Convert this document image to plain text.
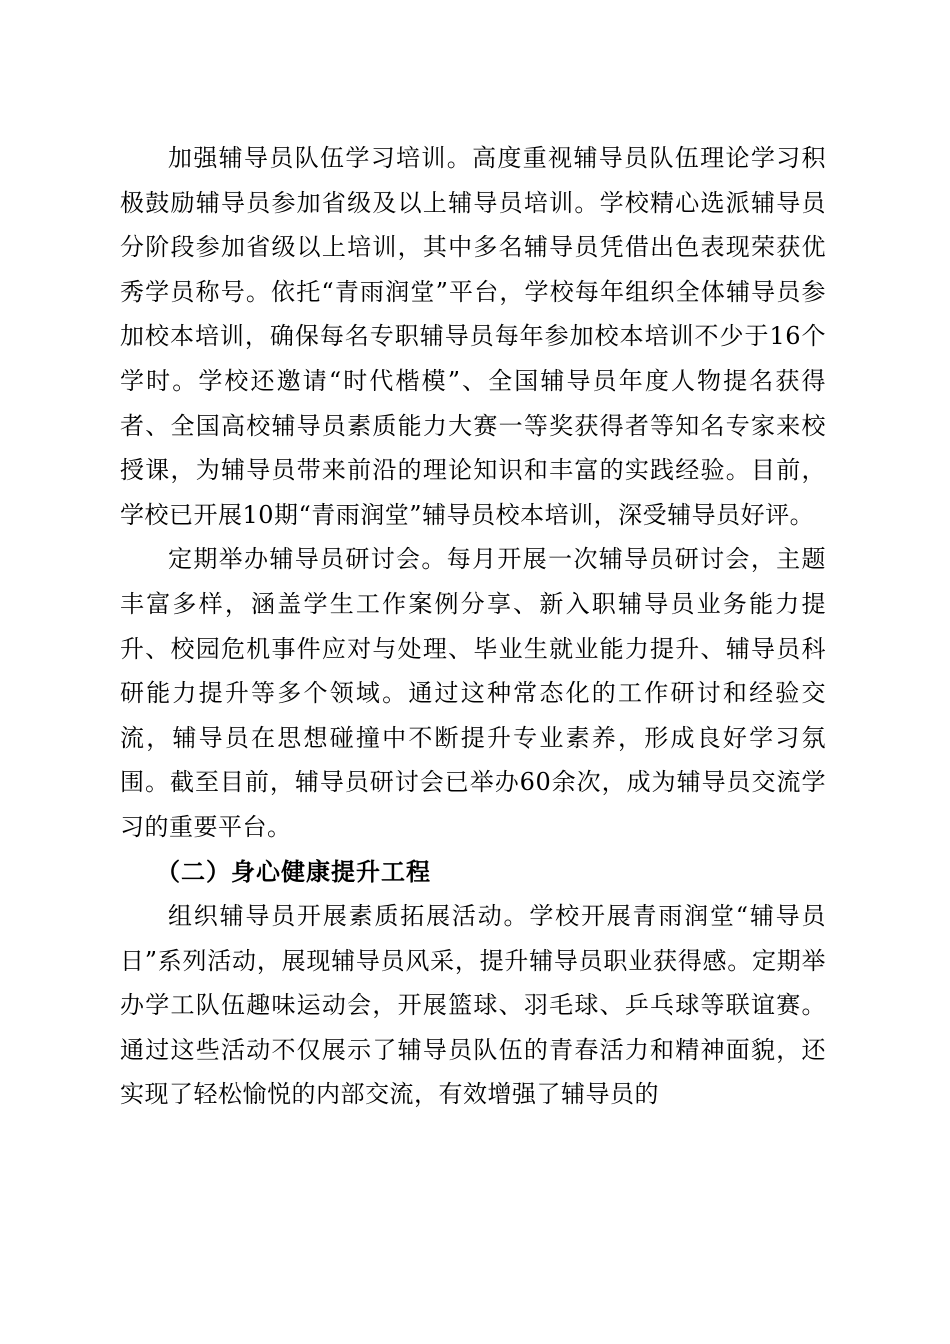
加强辅导员队伍学习培训。高度重视辅导员队伍理论学习积极鼓励辅导员参加省级及以上辅导员培训。学校精心选派辅导员分阶段参加省级以上培训，其中多名辅导员凭借出色表现荣获优秀学员称号。依托“青雨润堂”平台，学校每年组织全体辅导员参加校本培训，确保每名专职辅导员每年参加校本培训不少于16个学时。学校还邀请“时代楷模”、全国辅导员年度人物提名获得者、全国高校辅导员素质能力大赛一等奖获得者等知名专家来校授课，为辅导员带来前沿的理论知识和丰富的实践经验。目前，学校已开展10期“青雨润堂”辅导员校本培训，深受辅导员好评。

定期举办辅导员研讨会。每月开展一次辅导员研讨会，主题丰富多样，涵盖学生工作案例分享、新入职辅导员业务能力提升、校园危机事件应对与处理、毕业生就业能力提升、辅导员科研能力提升等多个领域。通过这种常态化的工作研讨和经验交流，辅导员在思想碰撞中不断提升专业素养，形成良好学习氛围。截至目前，辅导员研讨会已举办60余次，成为辅导员交流学习的重要平台。

（二）身心健康提升工程

组织辅导员开展素质拓展活动。学校开展青雨润堂“辅导员日”系列活动，展现辅导员风采，提升辅导员职业获得感。定期举办学工队伍趣味运动会，开展篮球、羽毛球、乒乓球等联谊赛。通过这些活动不仅展示了辅导员队伍的青春活力和精神面貌，还实现了轻松愉悦的内部交流，有效增强了辅导员的
